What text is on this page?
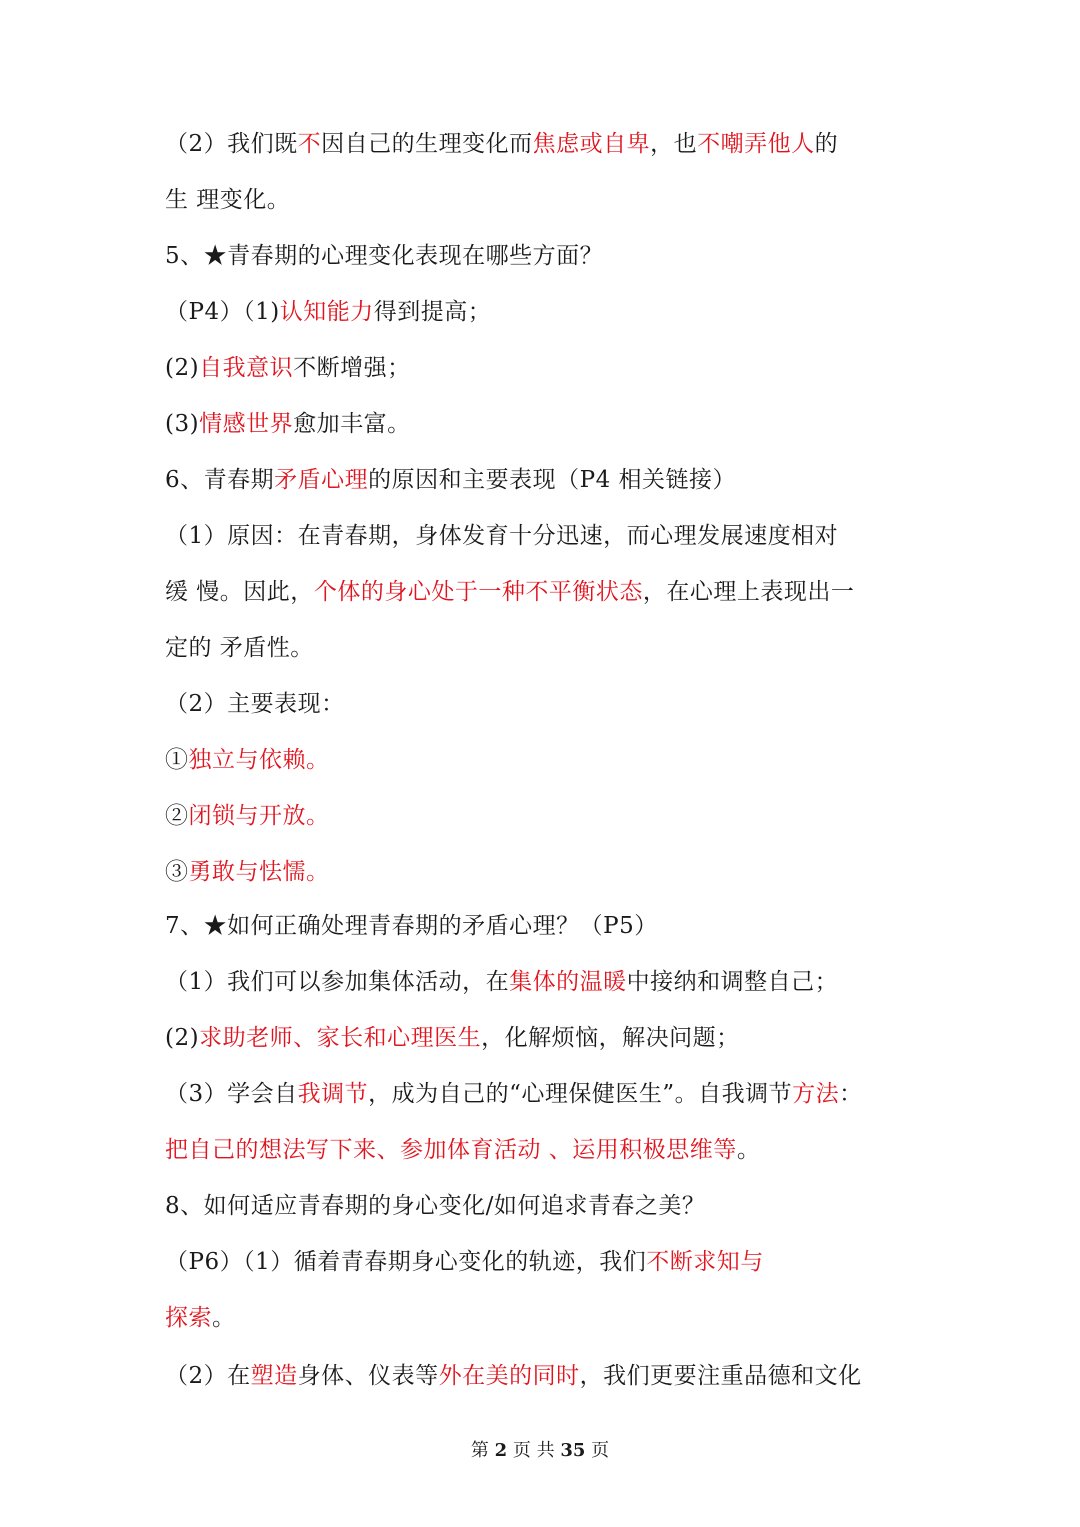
（2）我们既不因自己的生理变化而焦虑或自卑，也不嘲弄他人的
生 理变化。
5、★青春期的心理变化表现在哪些方面？
（P4）（1)认知能力得到提高；
(2)自我意识不断增强；
(3)情感世界愈加丰富。
6、青春期矛盾心理的原因和主要表现（P4 相关链接）
（1）原因：在青春期，身体发育十分迅速，而心理发展速度相对
缓 慢。因此，个体的身心处于一种不平衡状态，在心理上表现出一
定的 矛盾性。
（2）主要表现：
①独立与依赖。
②闭锁与开放。
③勇敢与怯懦。
7、★如何正确处理青春期的矛盾心理？（P5）
（1）我们可以参加集体活动，在集体的温暖中接纳和调整自己；
(2)求助老师、家长和心理医生，化解烦恼，解决问题；
（3）学会自我调节，成为自己的“心理保健医生”。自我调节方法：
把自己的想法写下来、参加体育活动 、运用积极思维等。
8、如何适应青春期的身心变化/如何追求青春之美？
（P6）（1）循着青春期身心变化的轨迹，我们不断求知与
探索。
（2）在塑造身体、仪表等外在美的同时，我们更要注重品德和文化
第 2 页 共 35 页
